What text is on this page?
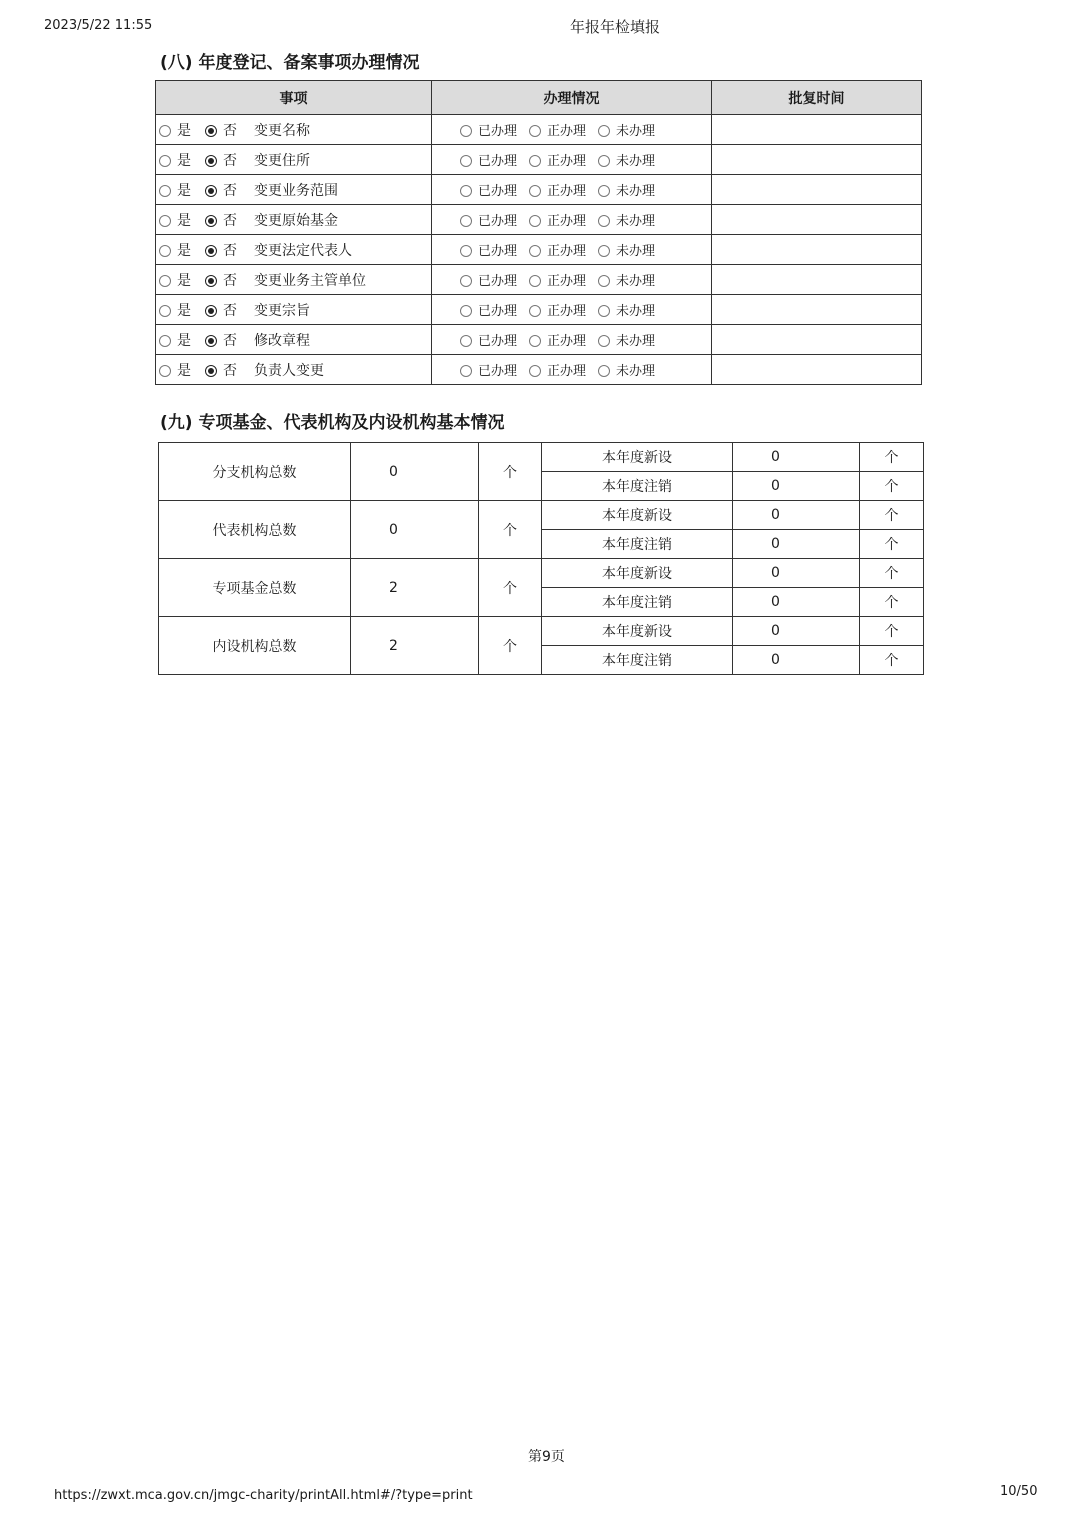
2023/5/22 11:55	年报年检填报
(八) 年度登记、备案事项办理情况
事项	办理情况	批复时间
是 否 变更名称	已办理 正办理 未办理	
是 否 变更住所	已办理 正办理 未办理	
是 否 变更业务范围	已办理 正办理 未办理	
是 否 变更原始基金	已办理 正办理 未办理	
是 否 变更法定代表人	已办理 正办理 未办理	
是 否 变更业务主管单位	已办理 正办理 未办理	
是 否 变更宗旨	已办理 正办理 未办理	
是 否 修改章程	已办理 正办理 未办理	
是 否 负责人变更	已办理 正办理 未办理	
(九) 专项基金、代表机构及内设机构基本情况
分支机构总数	0	个	本年度新设	0	个
			本年度注销	0	个
代表机构总数	0	个	本年度新设	0	个
			本年度注销	0	个
专项基金总数	2	个	本年度新设	0	个
			本年度注销	0	个
内设机构总数	2	个	本年度新设	0	个
			本年度注销	0	个
第9页
https://zwxt.mca.gov.cn/jmgc-charity/printAll.html#/?type=print	10/50
